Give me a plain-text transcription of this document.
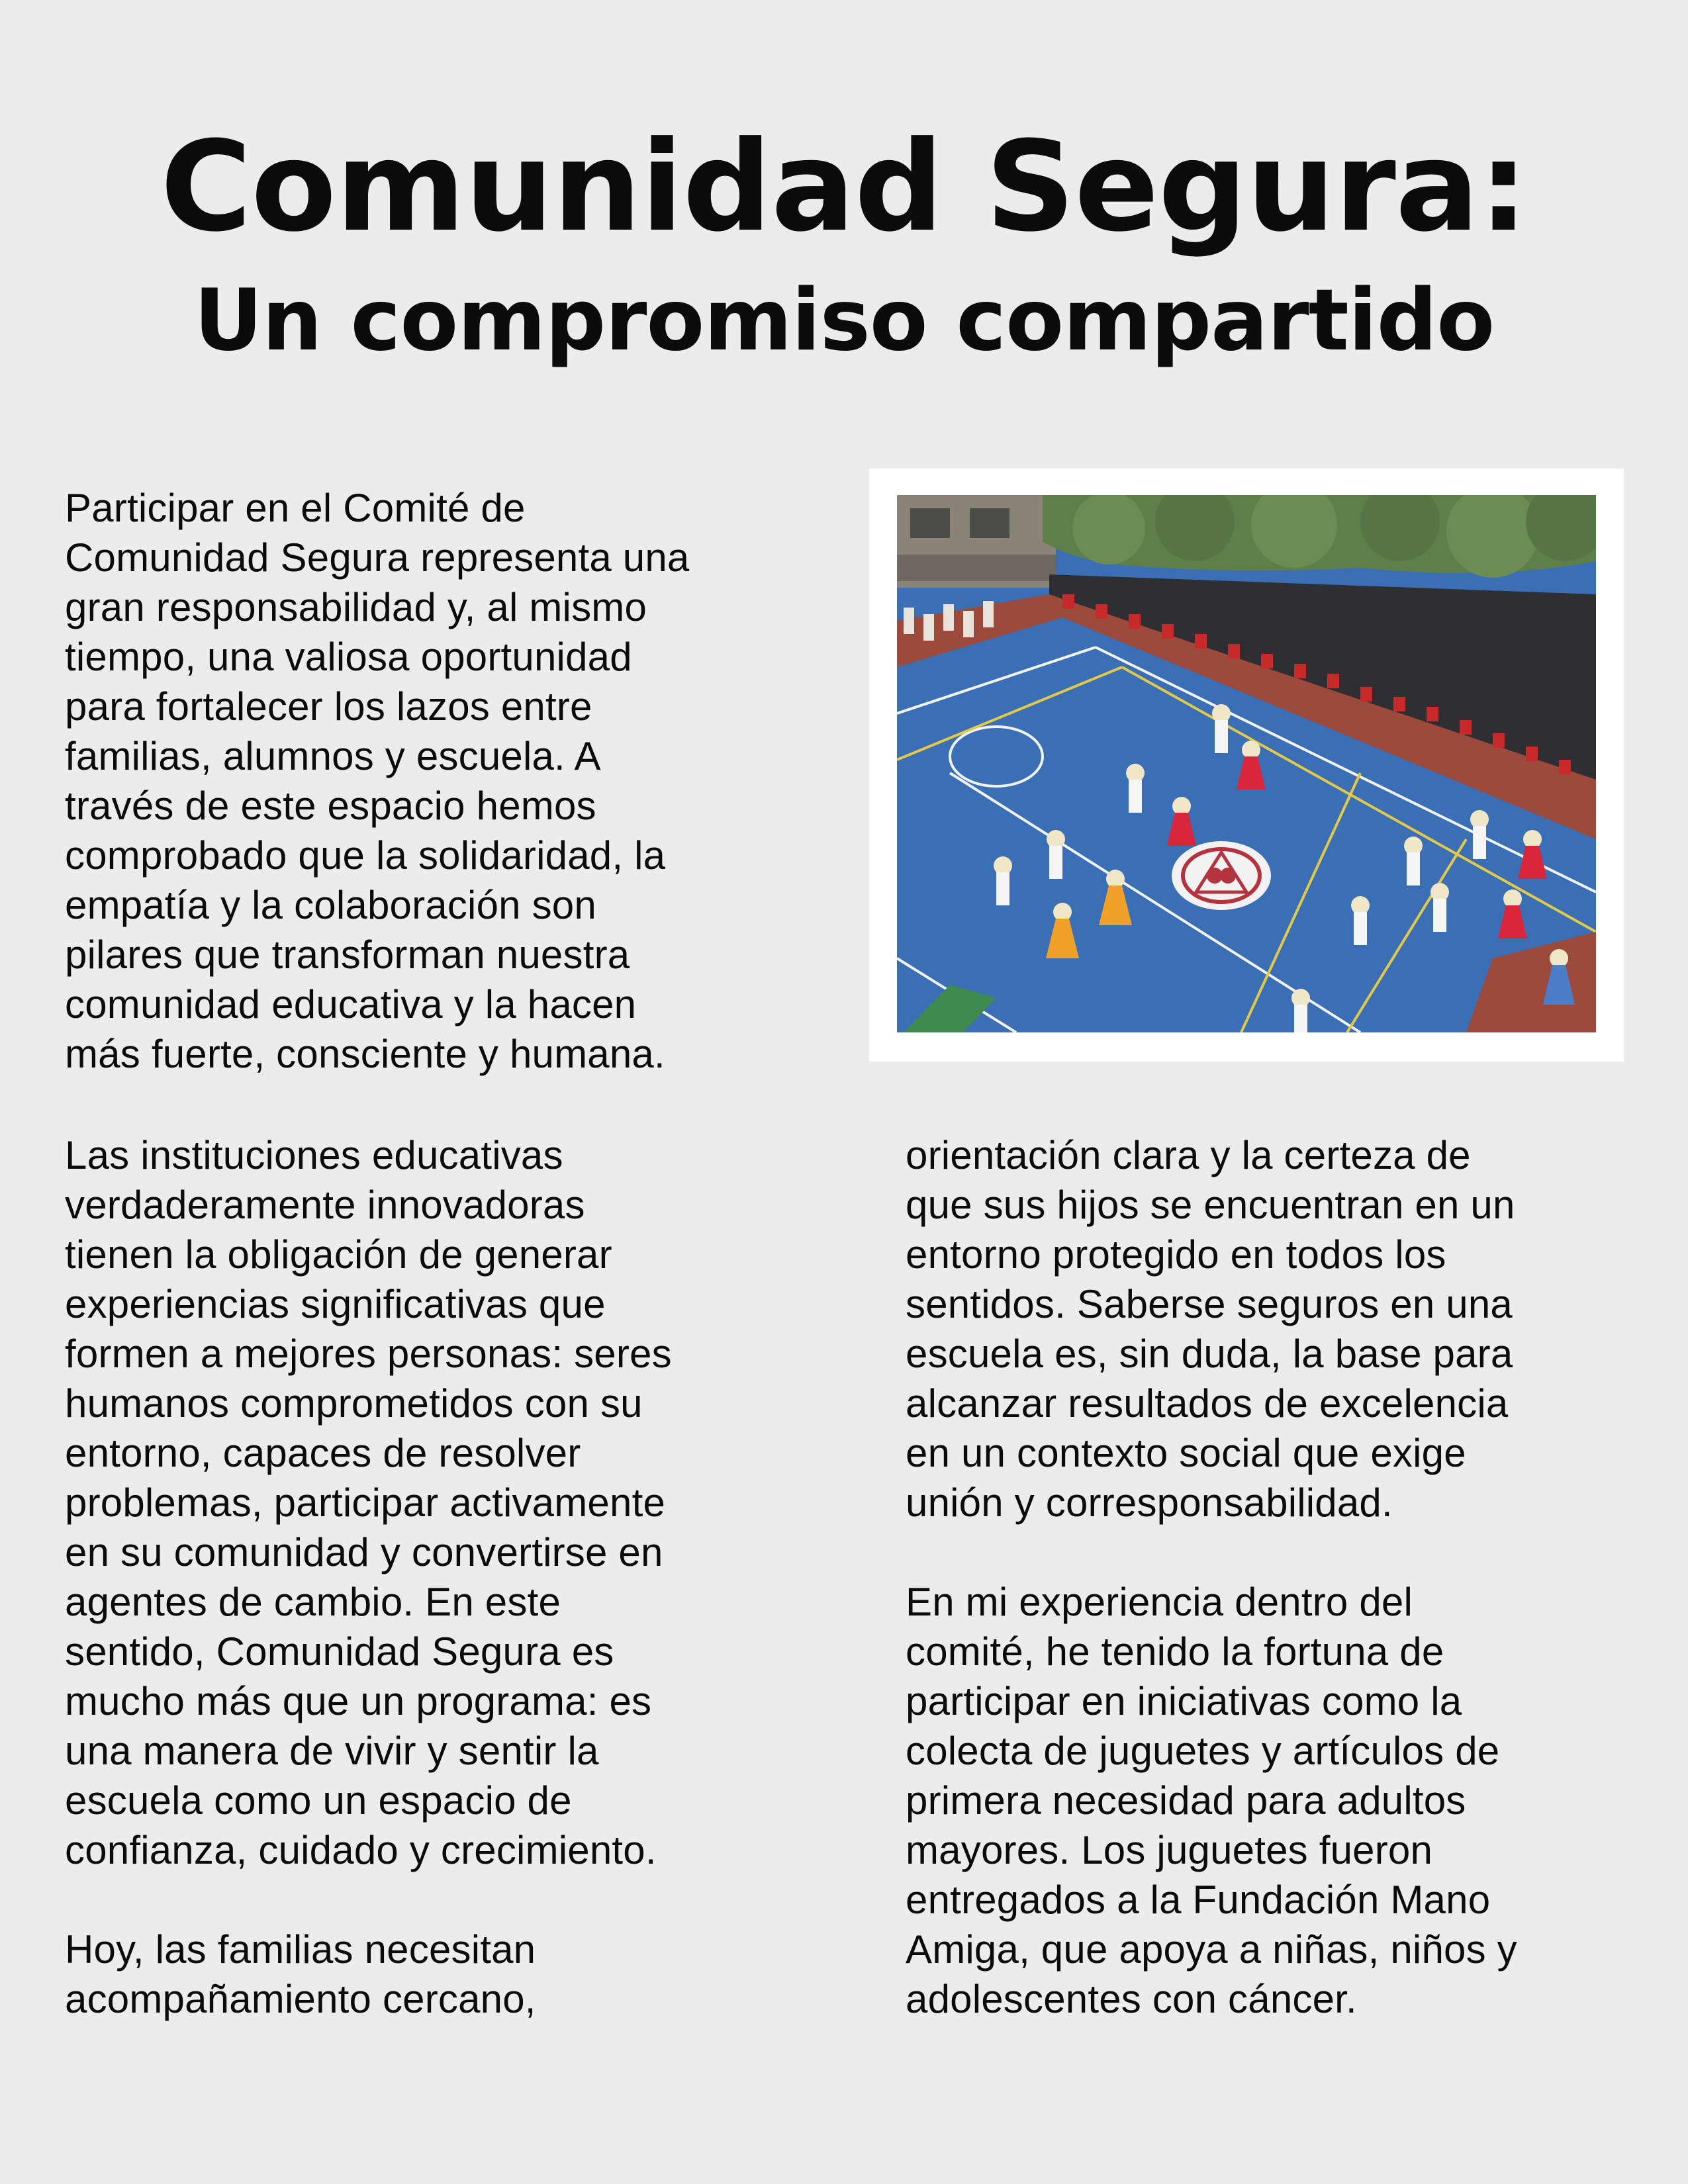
Comunidad Segura:
Un compromiso compartido

Participar en el Comité de
Comunidad Segura representa una
gran responsabilidad y, al mismo
tiempo, una valiosa oportunidad
para fortalecer los lazos entre
familias, alumnos y escuela. A
través de este espacio hemos
comprobado que la solidaridad, la
empatía y la colaboración son
pilares que transforman nuestra
comunidad educativa y la hacen
más fuerte, consciente y humana.

Las instituciones educativas
verdaderamente innovadoras
tienen la obligación de generar
experiencias significativas que
formen a mejores personas: seres
humanos comprometidos con su
entorno, capaces de resolver
problemas, participar activamente
en su comunidad y convertirse en
agentes de cambio. En este
sentido, Comunidad Segura es
mucho más que un programa: es
una manera de vivir y sentir la
escuela como un espacio de
confianza, cuidado y crecimiento.

Hoy, las familias necesitan
acompañamiento cercano,

orientación clara y la certeza de
que sus hijos se encuentran en un
entorno protegido en todos los
sentidos. Saberse seguros en una
escuela es, sin duda, la base para
alcanzar resultados de excelencia
en un contexto social que exige
unión y corresponsabilidad.

En mi experiencia dentro del
comité, he tenido la fortuna de
participar en iniciativas como la
colecta de juguetes y artículos de
primera necesidad para adultos
mayores. Los juguetes fueron
entregados a la Fundación Mano
Amiga, que apoya a niñas, niños y
adolescentes con cáncer.
